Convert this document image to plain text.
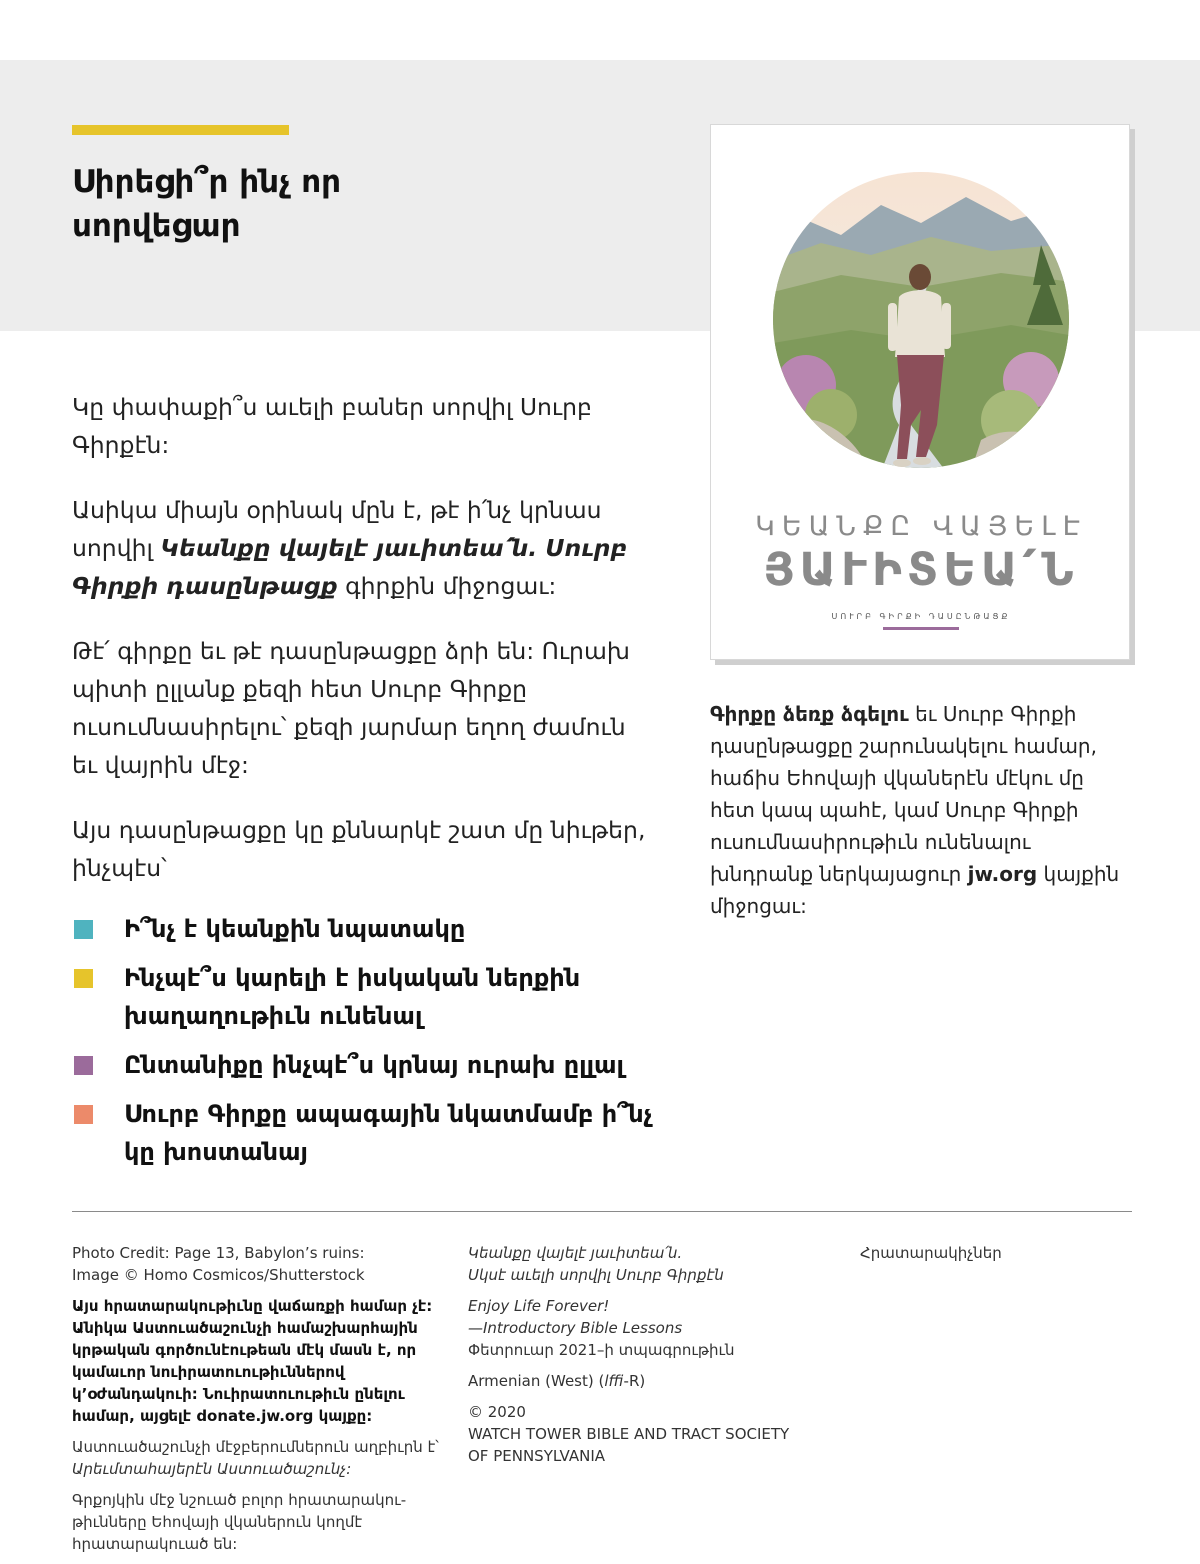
Սիրեցի՞ր ինչ որ
սորվեցար

Կը փափաքի՞ս աւելի բաներ սորվիլ Սուրբ Գիրքէն:

Ասիկա միայն օրինակ մըն է, թէ ի՛նչ կրնաս սորվիլ Կեանքը վայելէ յաւիտեա՛ն. Սուրբ Գիրքի դասընթացք գիրքին միջոցաւ:

Թէ՛ գիրքը եւ թէ դասընթացքը ձրի են: Ուրախ պիտի ըլլանք քեզի հետ Սուրբ Գիրքը ուսումնասիրելու՝ քեզի յարմար եղող ժամուն եւ վայրին մէջ:

Այս դասընթացքը կը քննարկէ շատ մը նիւթեր, ինչպէս՝

Ի՞նչ է կեանքին նպատակը
Ինչպէ՞ս կարելի է իսկական ներքին խաղաղութիւն ունենալ
Ընտանիքը ինչպէ՞ս կրնայ ուրախ ըլլալ
Սուրբ Գիրքը ապագային նկատմամբ ի՞նչ կը խոստանայ
ԿԵԱՆՔԸ ՎԱՅԵԼԷ
ՅԱՒԻՏԵԱ՛Ն
ՍՈՒՐԲ ԳԻՐՔԻ ԴԱՍԸՆԹԱՑՔ
Գիրքը ձեռք ձգելու եւ Սուրբ Գիրքի դասընթացքը շարունակելու համար, հաճիս Եհովայի վկաներէն մէկու մը հետ կապ պահէ, կամ Սուրբ Գիրքի ուսումնասիրութիւն ունենալու խնդրանք ներկայացուր jw.org կայքին միջոցաւ:

Photo Credit: Page 13, Babylon’s ruins:
Image © Homo Cosmicos/Shutterstock

Այս հրատարակութիւնը վաճառքի համար չէ: Անիկա Աստուածաշունչի համաշխարհային կրթական գործունէութեան մէկ մասն է, որ կամաւոր նուիրատուութիւններով կ’օժանդակուի: Նուիրատուութիւն ընելու համար, այցելէ donate.jw.org կայքը:

Աստուածաշունչի մէջբերումներուն աղբիւրն է՝
Արեւմտահայերէն Աստուածաշունչ:

Գրքոյկին մէջ նշուած բոլոր հրատարակու-թիւնները Եհովայի վկաներուն կողմէ հրատարակուած են:

Կեանքը վայելէ յաւիտեա՛ն.
Սկսէ աւելի սորվիլ Սուրբ Գիրքէն

Enjoy Life Forever!
—Introductory Bible Lessons
Փետրուար 2021–ի տպագրութիւն

Armenian (West) (lffi-R)

© 2020
WATCH TOWER BIBLE AND TRACT SOCIETY
OF PENNSYLVANIA

Հրատարակիչներ
